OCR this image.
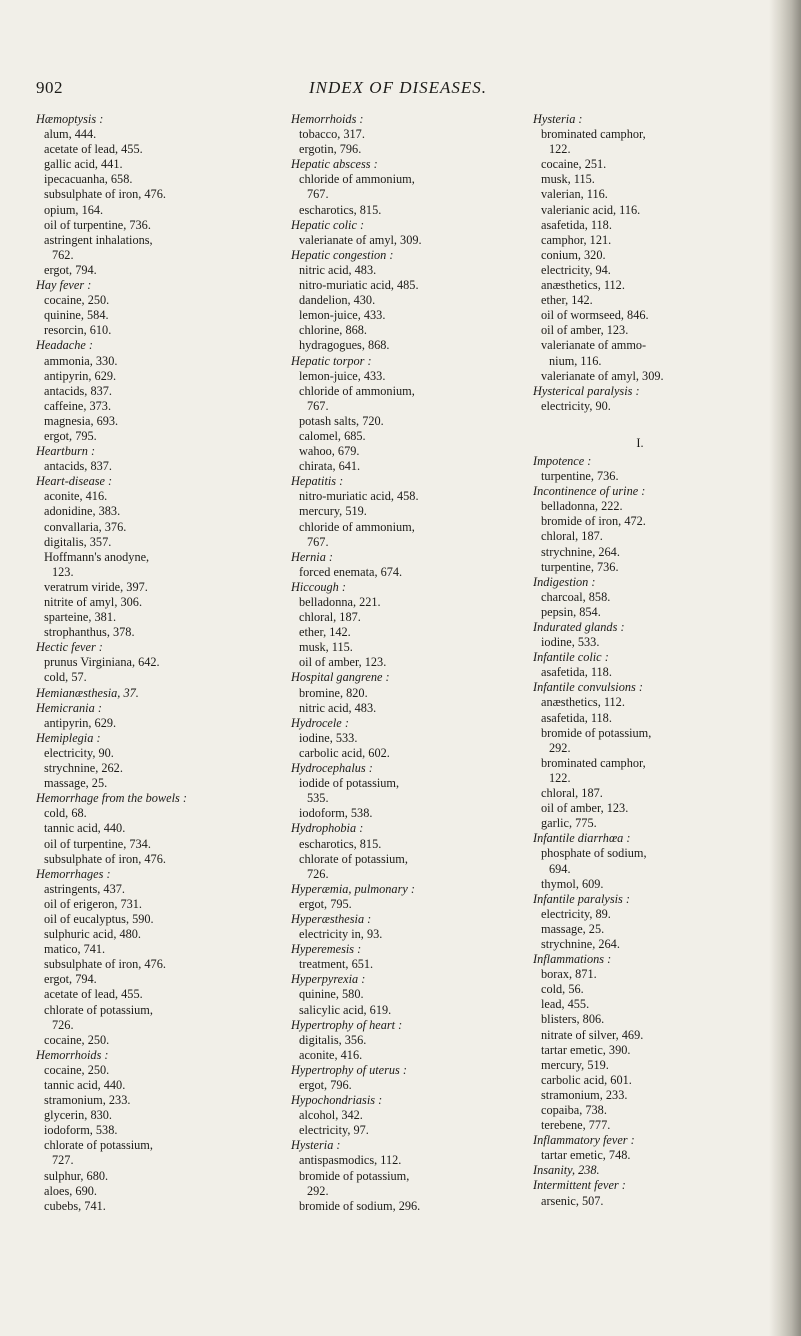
902	INDEX OF DISEASES.
Hæmoptysis :
alum, 444.
acetate of lead, 455.
gallic acid, 441.
ipecacuanha, 658.
subsulphate of iron, 476.
opium, 164.
oil of turpentine, 736.
astringent inhalations,
762.
ergot, 794.
Hay fever :
cocaine, 250.
quinine, 584.
resorcin, 610.
Headache :
ammonia, 330.
antipyrin, 629.
antacids, 837.
caffeine, 373.
magnesia, 693.
ergot, 795.
Heartburn :
antacids, 837.
Heart-disease :
aconite, 416.
adonidine, 383.
convallaria, 376.
digitalis, 357.
Hoffmann's anodyne,
123.
veratrum viride, 397.
nitrite of amyl, 306.
sparteine, 381.
strophanthus, 378.
Hectic fever :
prunus Virginiana, 642.
cold, 57.
Hemianæsthesia, 37.
Hemicrania :
antipyrin, 629.
Hemiplegia :
electricity, 90.
strychnine, 262.
massage, 25.
Hemorrhage from the bowels :
cold, 68.
tannic acid, 440.
oil of turpentine, 734.
subsulphate of iron, 476.
Hemorrhages :
astringents, 437.
oil of erigeron, 731.
oil of eucalyptus, 590.
sulphuric acid, 480.
matico, 741.
subsulphate of iron, 476.
ergot, 794.
acetate of lead, 455.
chlorate of potassium,
726.
cocaine, 250.
Hemorrhoids :
cocaine, 250.
tannic acid, 440.
stramonium, 233.
glycerin, 830.
iodoform, 538.
chlorate of potassium,
727.
sulphur, 680.
aloes, 690.
cubebs, 741.
Hemorrhoids :
tobacco, 317.
ergotin, 796.
Hepatic abscess :
chloride of ammonium,
767.
escharotics, 815.
Hepatic colic :
valerianate of amyl, 309.
Hepatic congestion :
nitric acid, 483.
nitro-muriatic acid, 485.
dandelion, 430.
lemon-juice, 433.
chlorine, 868.
hydragogues, 868.
Hepatic torpor :
lemon-juice, 433.
chloride of ammonium,
767.
potash salts, 720.
calomel, 685.
wahoo, 679.
chirata, 641.
Hepatitis :
nitro-muriatic acid, 458.
mercury, 519.
chloride of ammonium,
767.
Hernia :
forced enemata, 674.
Hiccough :
belladonna, 221.
chloral, 187.
ether, 142.
musk, 115.
oil of amber, 123.
Hospital gangrene :
bromine, 820.
nitric acid, 483.
Hydrocele :
iodine, 533.
carbolic acid, 602.
Hydrocephalus :
iodide of potassium,
535.
iodoform, 538.
Hydrophobia :
escharotics, 815.
chlorate of potassium,
726.
Hyperæmia, pulmonary :
ergot, 795.
Hyperæsthesia :
electricity in, 93.
Hyperemesis :
treatment, 651.
Hyperpyrexia :
quinine, 580.
salicylic acid, 619.
Hypertrophy of heart :
digitalis, 356.
aconite, 416.
Hypertrophy of uterus :
ergot, 796.
Hypochondriasis :
alcohol, 342.
electricity, 97.
Hysteria :
antispasmodics, 112.
bromide of potassium,
292.
bromide of sodium, 296.
Hysteria :
brominated camphor,
122.
cocaine, 251.
musk, 115.
valerian, 116.
valerianic acid, 116.
asafetida, 118.
camphor, 121.
conium, 320.
electricity, 94.
anæsthetics, 112.
ether, 142.
oil of wormseed, 846.
oil of amber, 123.
valerianate of ammo-
nium, 116.
valerianate of amyl, 309.
Hysterical paralysis :
electricity, 90.
I.
Impotence :
turpentine, 736.
Incontinence of urine :
belladonna, 222.
bromide of iron, 472.
chloral, 187.
strychnine, 264.
turpentine, 736.
Indigestion :
charcoal, 858.
pepsin, 854.
Indurated glands :
iodine, 533.
Infantile colic :
asafetida, 118.
Infantile convulsions :
anæsthetics, 112.
asafetida, 118.
bromide of potassium,
292.
brominated camphor,
122.
chloral, 187.
oil of amber, 123.
garlic, 775.
Infantile diarrhœa :
phosphate of sodium,
694.
thymol, 609.
Infantile paralysis :
electricity, 89.
massage, 25.
strychnine, 264.
Inflammations :
borax, 871.
cold, 56.
lead, 455.
blisters, 806.
nitrate of silver, 469.
tartar emetic, 390.
mercury, 519.
carbolic acid, 601.
stramonium, 233.
copaiba, 738.
terebene, 777.
Inflammatory fever :
tartar emetic, 748.
Insanity, 238.
Intermittent fever :
arsenic, 507.
